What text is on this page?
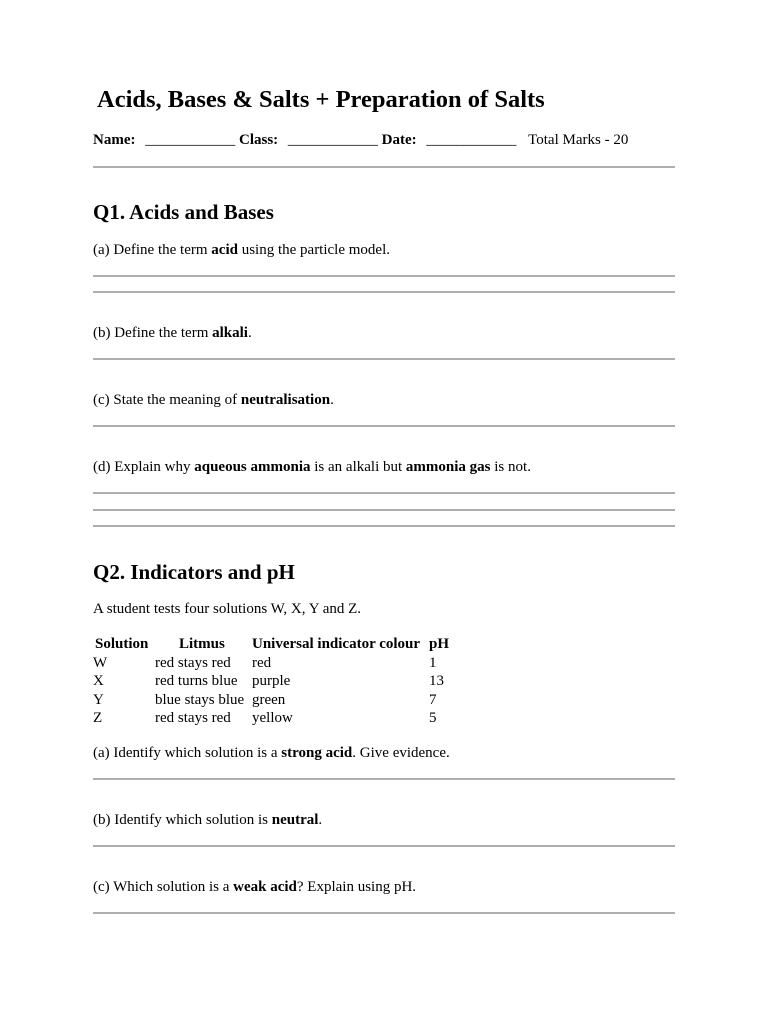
Acids, Bases & Salts + Preparation of Salts
Name: ____________ Class: ____________ Date: ____________ Total Marks - 20
Q1. Acids and Bases
(a) Define the term acid using the particle model.
(b) Define the term alkali.
(c) State the meaning of neutralisation.
(d) Explain why aqueous ammonia is an alkali but ammonia gas is not.
Q2. Indicators and pH
A student tests four solutions W, X, Y and Z.
Solution	Litmus	Universal indicator colour	pH
W	red stays red	red	1
X	red turns blue	purple	13
Y	blue stays blue	green	7
Z	red stays red	yellow	5
(a) Identify which solution is a strong acid. Give evidence.
(b) Identify which solution is neutral.
(c) Which solution is a weak acid? Explain using pH.
